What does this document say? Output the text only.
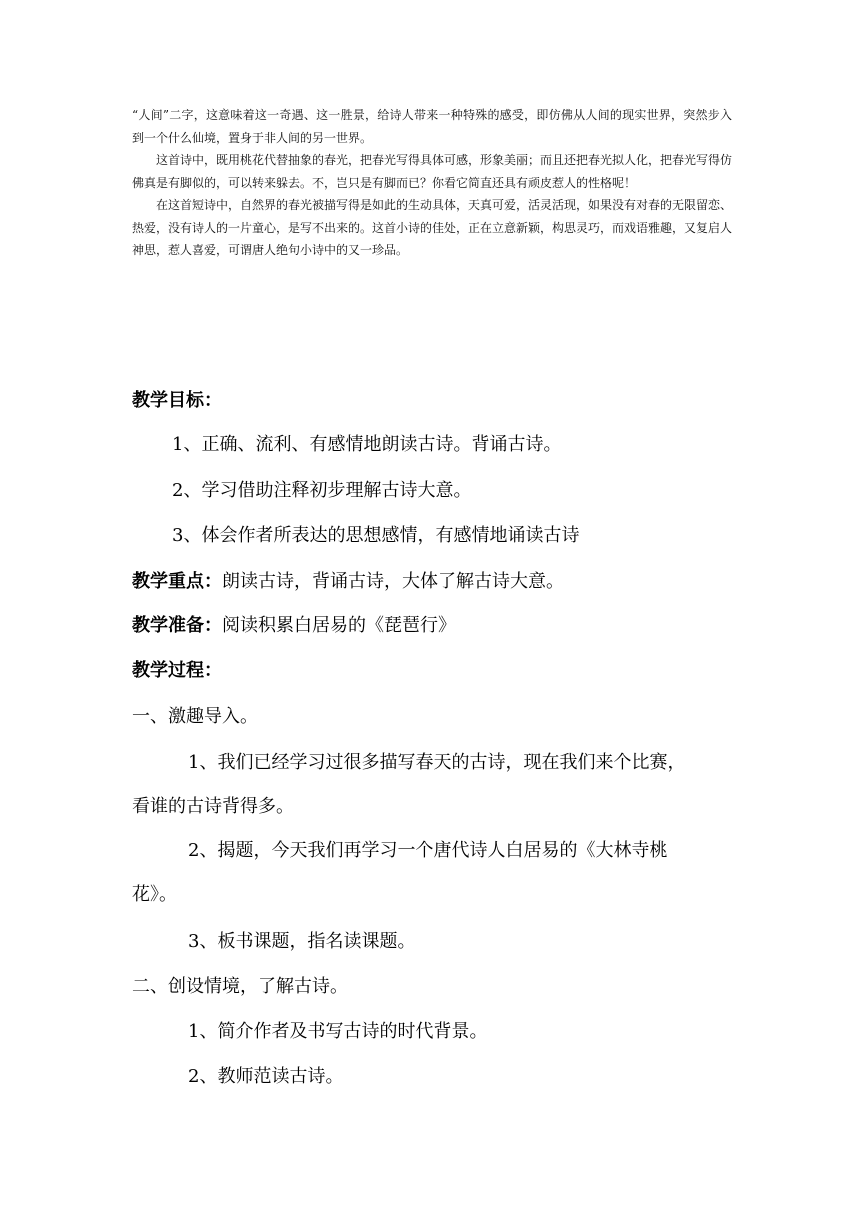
“人间”二字，这意味着这一奇遇、这一胜景，给诗人带来一种特殊的感受，即仿佛从人间的现实世界，突然步入到一个什么仙境，置身于非人间的另一世界。

这首诗中，既用桃花代替抽象的春光，把春光写得具体可感，形象美丽；而且还把春光拟人化，把春光写得仿佛真是有脚似的，可以转来躲去。不，岂只是有脚而已？你看它简直还具有顽皮惹人的性格呢！

在这首短诗中，自然界的春光被描写得是如此的生动具体，天真可爱，活灵活现，如果没有对春的无限留恋、热爱，没有诗人的一片童心，是写不出来的。这首小诗的佳处，正在立意新颖，构思灵巧，而戏语雅趣，又复启人神思，惹人喜爱，可谓唐人绝句小诗中的又一珍品。

教学目标：
1、正确、流利、有感情地朗读古诗。背诵古诗。
2、学习借助注释初步理解古诗大意。
3、体会作者所表达的思想感情，有感情地诵读古诗
教学重点：朗读古诗，背诵古诗，大体了解古诗大意。
教学准备：阅读积累白居易的《琵琶行》
教学过程：
一、激趣导入。
1、我们已经学习过很多描写春天的古诗，现在我们来个比赛，
看谁的古诗背得多。
2、揭题，今天我们再学习一个唐代诗人白居易的《大林寺桃
花》。
3、板书课题，指名读课题。
二、创设情境，了解古诗。
1、简介作者及书写古诗的时代背景。
2、教师范读古诗。
